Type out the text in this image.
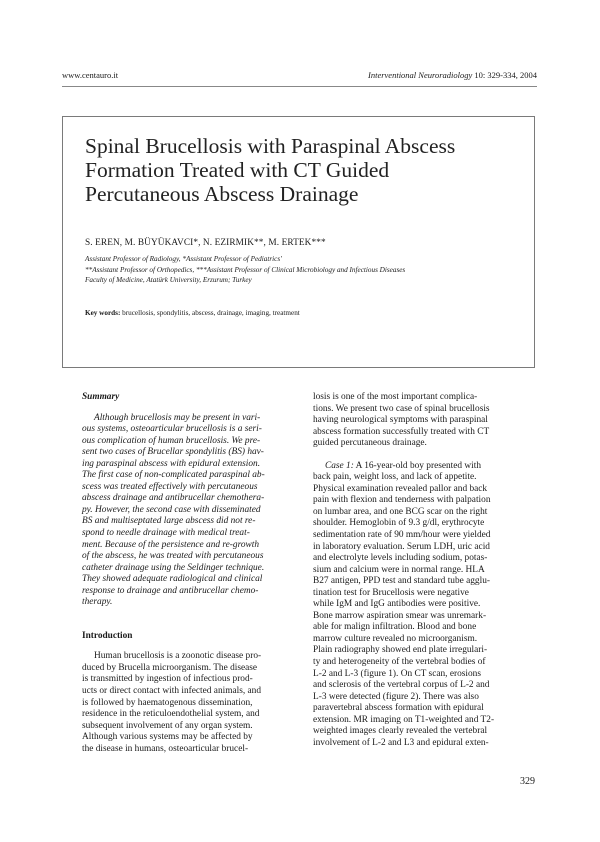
www.centauro.it	Interventional Neuroradiology 10: 329-334, 2004
Spinal Brucellosis with Paraspinal Abscess
Formation Treated with CT Guided
Percutaneous Abscess Drainage
S. EREN, M. BÜYÜKAVCI*, N. EZIRMIK**, M. ERTEK***
Assistant Professor of Radiology, *Assistant Professor of Pediatrics'
**Assistant Professor of Orthopedics, ***Assistant Professor of Clinical Microbiology and Infectious Diseases
Faculty of Medicine, Atatürk University, Erzurum; Turkey
Key words: brucellosis, spondylitis, abscess, drainage, imaging, treatment

Summary

Although brucellosis may be present in vari-

ous systems, osteoarticular brucellosis is a seri-

ous complication of human brucellosis. We pre-

sent two cases of Brucellar spondylitis (BS) hav-

ing paraspinal abscess with epidural extension.

The first case of non-complicated paraspinal ab-

scess was treated effectively with percutaneous

abscess drainage and antibrucellar chemothera-

py. However, the second case with disseminated

BS and multiseptated large abscess did not re-

spond to needle drainage with medical treat-

ment. Because of the persistence and re-growth

of the abscess, he was treated with percutaneous

catheter drainage using the Seldinger technique.

They showed adequate radiological and clinical

response to drainage and antibrucellar chemo-

therapy.

Introduction

Human brucellosis is a zoonotic disease pro-

duced by Brucella microorganism. The disease

is transmitted by ingestion of infectious prod-

ucts or direct contact with infected animals, and

is followed by haematogenous dissemination,

residence in the reticuloendothelial system, and

subsequent involvement of any organ system.

Although various systems may be affected by

the disease in humans, osteoarticular brucel-

losis is one of the most important complica-

tions. We present two case of spinal brucellosis

having neurological symptoms with paraspinal

abscess formation successfully treated with CT

guided percutaneous drainage.

Case 1: A 16-year-old boy presented with

back pain, weight loss, and lack of appetite.

Physical examination revealed pallor and back

pain with flexion and tenderness with palpation

on lumbar area, and one BCG scar on the right

shoulder. Hemoglobin of 9.3 g/dl, erythrocyte

sedimentation rate of 90 mm/hour were yielded

in laboratory evaluation. Serum LDH, uric acid

and electrolyte levels including sodium, potas-

sium and calcium were in normal range. HLA

B27 antigen, PPD test and standard tube agglu-

tination test for Brucellosis were negative

while IgM and IgG antibodies were positive.

Bone marrow aspiration smear was unremark-

able for malign infiltration. Blood and bone

marrow culture revealed no microorganism.

Plain radiography showed end plate irregulari-

ty and heterogeneity of the vertebral bodies of

L-2 and L-3 (figure 1). On CT scan, erosions

and sclerosis of the vertebral corpus of L-2 and

L-3 were detected (figure 2). There was also

paravertebral abscess formation with epidural

extension. MR imaging on T1-weighted and T2-

weighted images clearly revealed the vertebral

involvement of L-2 and L3 and epidural exten-

329
